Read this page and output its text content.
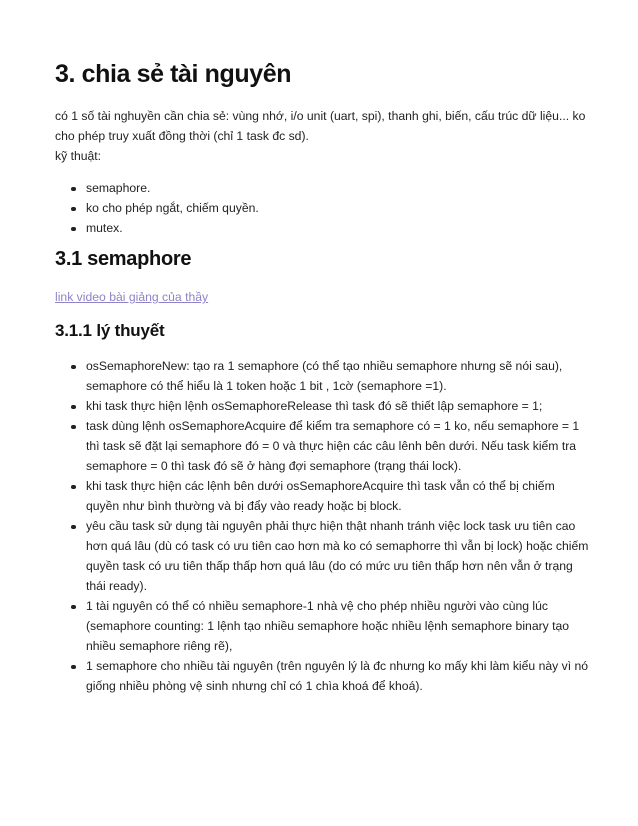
3. chia sẻ tài nguyên

có 1 số tài nghuyền cần chia sẻ: vùng nhớ, i/o unit (uart, spi), thanh ghi, biến, cấu trúc dữ liệu... ko cho phép truy xuất đồng thời (chỉ 1 task đc sd).

kỹ thuật:

semaphore.
ko cho phép ngắt, chiếm quyền.
mutex.
3.1 semaphore
link video bài giảng của thầy
3.1.1 lý thuyết
osSemaphoreNew: tạo ra 1 semaphore (có thể tạo nhiều semaphore nhưng sẽ nói sau), semaphore có thể hiểu là 1 token hoặc 1 bit , 1cờ (semaphore =1).
khi task thực hiện lệnh osSemaphoreRelease thì task đó sẽ thiết lập semaphore = 1;
task dùng lệnh osSemaphoreAcquire để kiểm tra semaphore có = 1 ko, nếu semaphore = 1 thì task sẽ đặt lại semaphore đó = 0 và thực hiện các câu lênh bên dưới. Nếu task kiểm tra semaphore = 0 thì task đó sẽ ở hàng đợi semaphore (trạng thái lock).
khi task thực hiện các lệnh bên dưới osSemaphoreAcquire thì task vẫn có thể bị chiếm quyền như bình thường và bị đẩy vào ready hoặc bị block.
yêu cầu task sử dụng tài nguyên phải thực hiện thật nhanh tránh việc lock task ưu tiên cao hơn quá lâu (dù có task có ưu tiên cao hơn mà ko có semaphorre thì vẫn bị lock) hoặc chiếm quyền task có ưu tiên thấp thấp hơn quá lâu (do có mức ưu tiên thấp hơn nên vẫn ở trạng thái ready).
1 tài nguyên có thể có nhiều semaphore-1 nhà vệ cho phép nhiều người vào cùng lúc (semaphore counting: 1 lệnh tạo nhiều semaphore hoặc nhiều lệnh semaphore binary tạo nhiều semaphore riêng rẽ),
1 semaphore cho nhiều tài nguyên (trên nguyên lý là đc nhưng ko mấy khi làm kiểu này vì nó giống nhiều phòng vệ sinh nhưng chỉ có 1 chìa khoá để khoá).
